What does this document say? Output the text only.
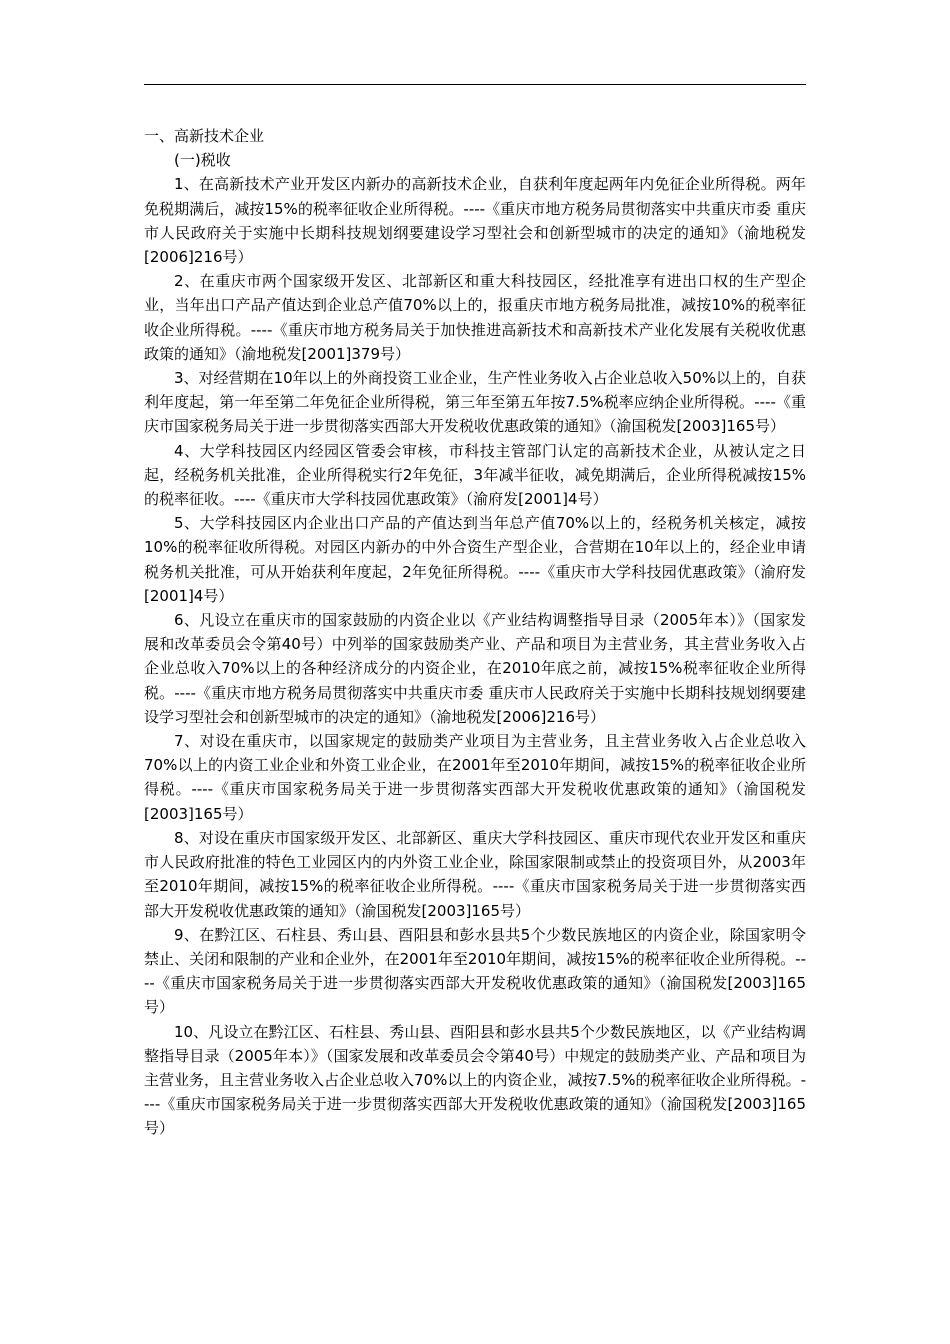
一、高新技术企业

(一)税收

1、在高新技术产业开发区内新办的高新技术企业，自获利年度起两年内免征企业所得税。两年免税期满后，减按15%的税率征收企业所得税。----《重庆市地方税务局贯彻落实中共重庆市委 重庆市人民政府关于实施中长期科技规划纲要建设学习型社会和创新型城市的决定的通知》（渝地税发[2006]216号）

2、在重庆市两个国家级开发区、北部新区和重大科技园区，经批准享有进出口权的生产型企业，当年出口产品产值达到企业总产值70%以上的，报重庆市地方税务局批准，减按10%的税率征收企业所得税。----《重庆市地方税务局关于加快推进高新技术和高新技术产业化发展有关税收优惠政策的通知》（渝地税发[2001]379号）

3、对经营期在10年以上的外商投资工业企业，生产性业务收入占企业总收入50%以上的，自获利年度起，第一年至第二年免征企业所得税，第三年至第五年按7.5%税率应纳企业所得税。----《重庆市国家税务局关于进一步贯彻落实西部大开发税收优惠政策的通知》（渝国税发[2003]165号）

4、大学科技园区内经园区管委会审核，市科技主管部门认定的高新技术企业，从被认定之日起，经税务机关批准，企业所得税实行2年免征，3年减半征收，减免期满后，企业所得税减按15%的税率征收。----《重庆市大学科技园优惠政策》（渝府发[2001]4号）

5、大学科技园区内企业出口产品的产值达到当年总产值70%以上的，经税务机关核定，减按10%的税率征收所得税。对园区内新办的中外合资生产型企业，合营期在10年以上的，经企业申请税务机关批准，可从开始获利年度起，2年免征所得税。----《重庆市大学科技园优惠政策》（渝府发[2001]4号）

6、凡设立在重庆市的国家鼓励的内资企业以《产业结构调整指导目录（2005年本）》（国家发展和改革委员会令第40号）中列举的国家鼓励类产业、产品和项目为主营业务，其主营业务收入占企业总收入70%以上的各种经济成分的内资企业，在2010年底之前，减按15%税率征收企业所得税。----《重庆市地方税务局贯彻落实中共重庆市委 重庆市人民政府关于实施中长期科技规划纲要建设学习型社会和创新型城市的决定的通知》（渝地税发[2006]216号）

7、对设在重庆市，以国家规定的鼓励类产业项目为主营业务，且主营业务收入占企业总收入70%以上的内资工业企业和外资工业企业，在2001年至2010年期间，减按15%的税率征收企业所得税。----《重庆市国家税务局关于进一步贯彻落实西部大开发税收优惠政策的通知》（渝国税发[2003]165号）

8、对设在重庆市国家级开发区、北部新区、重庆大学科技园区、重庆市现代农业开发区和重庆市人民政府批准的特色工业园区内的内外资工业企业，除国家限制或禁止的投资项目外，从2003年至2010年期间，减按15%的税率征收企业所得税。----《重庆市国家税务局关于进一步贯彻落实西部大开发税收优惠政策的通知》（渝国税发[2003]165号）

9、在黔江区、石柱县、秀山县、酉阳县和彭水县共5个少数民族地区的内资企业，除国家明令禁止、关闭和限制的产业和企业外，在2001年至2010年期间，减按15%的税率征收企业所得税。----《重庆市国家税务局关于进一步贯彻落实西部大开发税收优惠政策的通知》（渝国税发[2003]165号）

10、凡设立在黔江区、石柱县、秀山县、酉阳县和彭水县共5个少数民族地区，以《产业结构调整指导目录（2005年本）》（国家发展和改革委员会令第40号）中规定的鼓励类产业、产品和项目为主营业务，且主营业务收入占企业总收入70%以上的内资企业，减按7.5%的税率征收企业所得税。----《重庆市国家税务局关于进一步贯彻落实西部大开发税收优惠政策的通知》（渝国税发[2003]165号）
